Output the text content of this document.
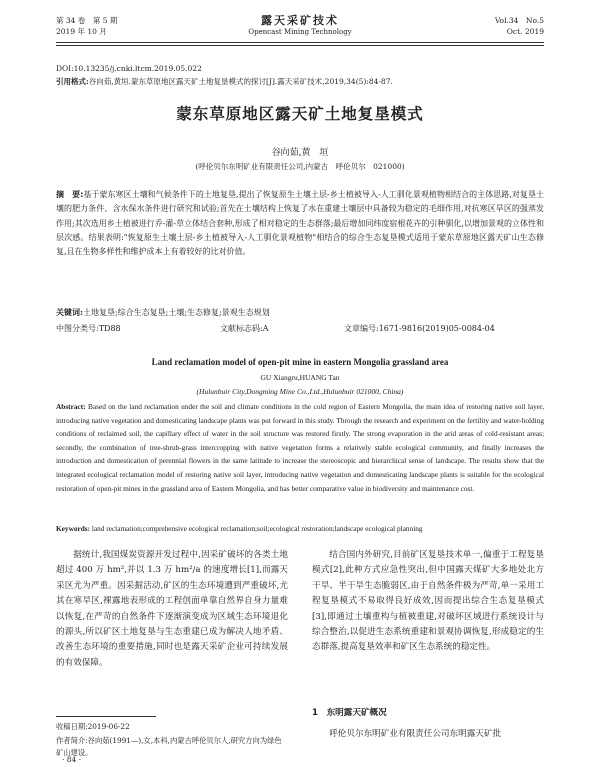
第 34 卷　第 5 期
2019 年 10 月
露天采矿技术
Opencast Mining Technology
Vol.34　No.5
Oct. 2019
DOI:10.13235/j.cnki.ltcm.2019.05.022
引用格式:谷向茹,黄垣.蒙东草原地区露天矿土地复垦模式的探讨[J].露天采矿技术,2019,34(5):84-87.
蒙东草原地区露天矿土地复垦模式
谷向茹,黄　垣
(呼伦贝尔东明矿业有限责任公司,内蒙古　呼伦贝尔　021000)
摘　要:基于蒙东寒区土壤和气候条件下的土地复垦,提出了恢复原生土壤土层-乡土植被导入-人工驯化景观植物相结合的主体思路,对复垦土壤的肥力条件、含水保水条件进行研究和试验;首先在土壤结构上恢复了水在重建土壤层中具备较为稳定的毛细作用,对抗寒区旱区的强蒸发作用;其次选用乡土植被进行乔-灌-草立体结合套种,形成了相对稳定的生态群落;最后增加同纬度宿根花卉的引种驯化,以增加景观的立体性和层次感。结果表明:"恢复原生土壤土层-乡土植被导入-人工驯化景观植物"相结合的综合生态复垦模式适用于蒙东草原地区露天矿山生态修复,且在生物多样性和维护成本上有着较好的比对价值。
关键词:土地复垦;综合生态复垦;土壤;生态修复;景观生态规划
中图分类号:TD88	文献标志码:A	文章编号:1671-9816(2019)05-0084-04
Land reclamation model of open-pit mine in eastern Mongolia grassland area
GU Xiangru,HUANG Tan
(Hulunbuir City,Dongming Mine Co.,Ltd.,Hulunbuir 021000, China)
Abstract: Based on the land reclamation under the soil and climate conditions in the cold region of Eastern Mongolia, the main idea of restoring native soil layer, introducing native vegetation and domesticating landscape plants was put forward in this study. Through the research and experiment on the fertility and water-holding conditions of reclaimed soil, the capillary effect of water in the soil structure was restored firstly. The strong evaporation in the arid areas of cold-resistant areas; secondly, the combination of tree-shrub-grass intercropping with native vegetation forms a relatively stable ecological community, and finally increases the introduction and domestication of perennial flowers in the same latitude to increase the stereoscopic and hierarchical sense of landscape. The results show that the integrated ecological reclamation model of restoring native soil layer, introducing native vegetation and domesticating landscape plants is suitable for the ecological restoration of open-pit mines in the grassland area of Eastern Mongolia, and has better comparative value in biodiversity and maintenance cost.
Keywords: land reclamation;comprehensive ecological reclamation;soil;ecological restoration;landscape ecological planning
据统计,我国煤炭资源开发过程中,因采矿破坏的各类土地超过 400 万 hm²,并以 1.3 万 hm²/a 的速度增长[1],而露天采区尤为严重。因采掘活动,矿区的生态环境遭到严重破坏,尤其在寒旱区,裸露地表形成的工程创面单靠自然界自身力量难以恢复,在严苛的自然条件下逐渐演变成为区域生态环境退化的源头,所以矿区土地复垦与生态重建已成为解决人地矛盾、改善生态环境的重要措施,同时也是露天采矿企业可持续发展的有效保障。
结合国内外研究,目前矿区复垦技术单一,偏重于工程复垦模式[2],此种方式应急性突出,但中国露天煤矿大多地处北方干旱、半干旱生态脆弱区,由于自然条件极为严苛,单一采用工程复垦模式不易取得良好成效,因而提出综合生态复垦模式[3],即通过土壤重构与植被重建,对破坏区域进行系统设计与综合整治,以促进生态系统重建和景观协调恢复,形成稳定的生态群落,提高复垦效率和矿区生态系统的稳定性。
1　东明露天矿概况
呼伦贝尔东明矿业有限责任公司东明露天矿批
收稿日期:2019-06-22
作者简介:谷向茹(1991—),女,本科,内蒙古呼伦贝尔人,研究方向为绿色矿山建设。
· 84 ·
